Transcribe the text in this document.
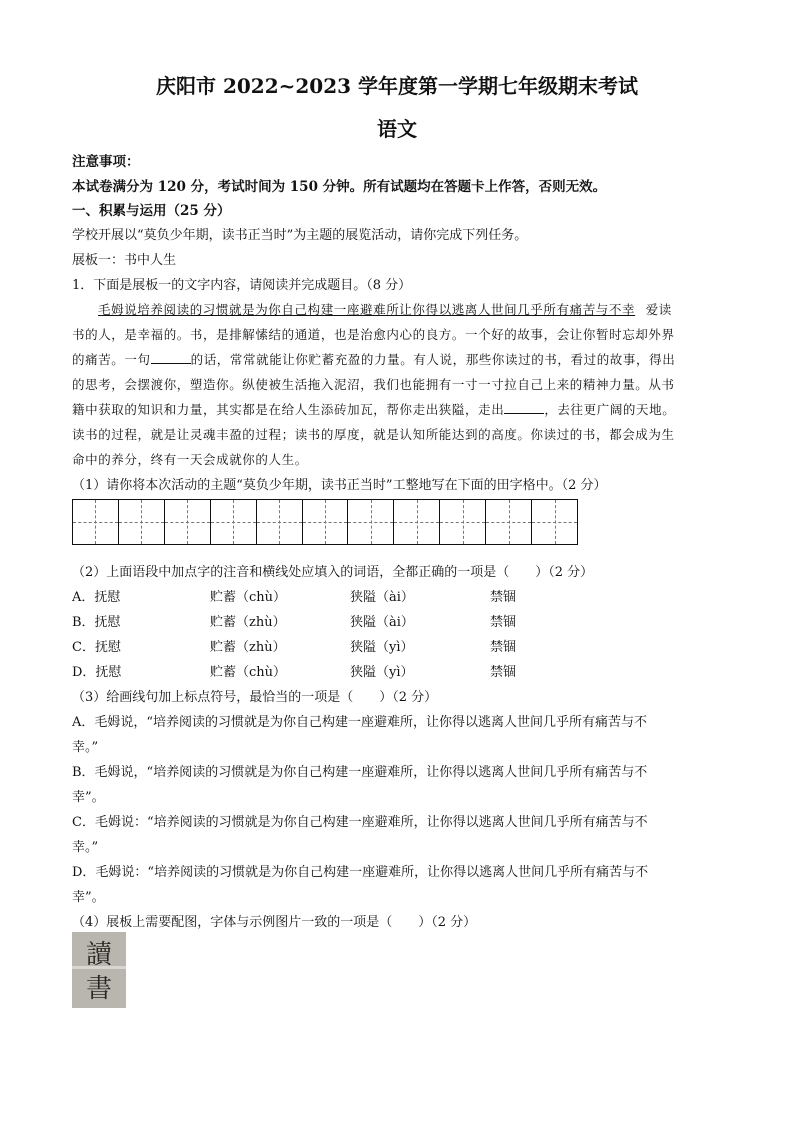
庆阳市 2022~2023 学年度第一学期七年级期末考试
语文
注意事项：
本试卷满分为 120 分，考试时间为 150 分钟。所有试题均在答题卡上作答，否则无效。
一、积累与运用（25 分）
学校开展以“莫负少年期，读书正当时”为主题的展览活动，请你完成下列任务。
展板一：书中人生
1．下面是展板一的文字内容，请阅读并完成题目。（8 分）
毛姆说培养阅读的习惯就是为你自己构建一座避难所让你得以逃离人世间几乎所有痛苦与不幸 爱读
书的人，是幸福的。书，是排解愫结的通道，也是治愈内心的良方。一个好的故事，会让你暂时忘却外界
的痛苦。一句	的话，常常就能让你贮蓄充盈的力量。有人说，那些你读过的书，看过的故事，得出
的思考，会摆渡你，塑造你。纵使被生活拖入泥沼，我们也能拥有一寸一寸拉自己上来的精神力量。从书
籍中获取的知识和力量，其实都是在给人生添砖加瓦，帮你走出狭隘，走出	，去往更广阔的天地。
读书的过程，就是让灵魂丰盈的过程；读书的厚度，就是认知所能达到的高度。你读过的书，都会成为生
命中的养分，终有一天会成就你的人生。
（1）请你将本次活动的主题“莫负少年期，读书正当时”工整地写在下面的田字格中。（2 分）
（2）上面语段中加点字的注音和横线处应填入的词语，全都正确的一项是（　　）（2 分）
A．抚慰	贮蓄（chù）	狭隘（ài）	禁锢
B．抚慰	贮蓄（zhù）	狭隘（ài）	禁锢
C．抚慰	贮蓄（zhù）	狭隘（yì）	禁锢
D．抚慰	贮蓄（chù）	狭隘（yì）	禁锢
（3）给画线句加上标点符号，最恰当的一项是（　　）（2 分）
A．毛姆说，“培养阅读的习惯就是为你自己构建一座避难所，让你得以逃离人世间几乎所有痛苦与不
幸。”
B．毛姆说，“培养阅读的习惯就是为你自己构建一座避难所，让你得以逃离人世间几乎所有痛苦与不
幸”。
C．毛姆说：“培养阅读的习惯就是为你自己构建一座避难所，让你得以逃离人世间几乎所有痛苦与不
幸。”
D．毛姆说：“培养阅读的习惯就是为你自己构建一座避难所，让你得以逃离人世间几乎所有痛苦与不
幸”。
（4）展板上需要配图，字体与示例图片一致的一项是（　　）（2 分）
讀
書
